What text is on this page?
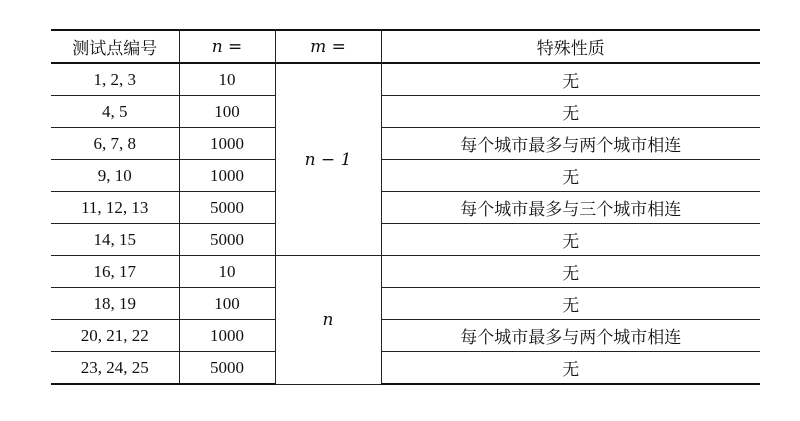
测试点编号	n =	m =	特殊性质
1, 2, 3	10	n − 1	无
4, 5	100		无
6, 7, 8	1000		每个城市最多与两个城市相连
9, 10	1000		无
11, 12, 13	5000		每个城市最多与三个城市相连
14, 15	5000		无
16, 17	10	n	无
18, 19	100		无
20, 21, 22	1000		每个城市最多与两个城市相连
23, 24, 25	5000		无
